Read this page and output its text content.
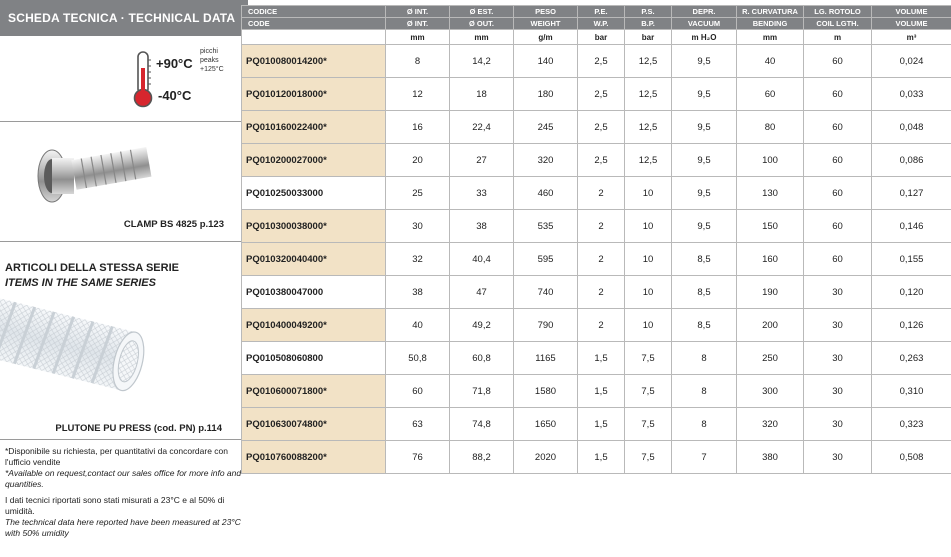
SCHEDA TECNICA · TECHNICAL DATA
+90°C
picchi
peaks
+125°C
-40°C
CLAMP BS 4825 p.123
ARTICOLI DELLA STESSA SERIE
ITEMS IN THE SAME SERIES
PLUTONE PU PRESS (cod. PN) p.114
*Disponibile su richiesta, per quantitativi da concordare con l'ufficio vendite
*Available on request,contact our sales office for more info and quantities.
I dati tecnici riportati sono stati misurati a 23°C e al 50% di umidità.
The technical data here reported have been measured at 23°C with 50% umidity
CODICE	Ø INT.	Ø EST.	PESO	P.E.	P.S.	DEPR.	R. CURVATURA	LG. ROTOLO	VOLUME
CODE	Ø INT.	Ø OUT.	WEIGHT	W.P.	B.P.	VACUUM	BENDING	COIL LGTH.	VOLUME
	mm	mm	g/m	bar	bar	m H₂O	mm	m	m³
PQ010080014200*	8	14,2	140	2,5	12,5	9,5	40	60	0,024
PQ010120018000*	12	18	180	2,5	12,5	9,5	60	60	0,033
PQ010160022400*	16	22,4	245	2,5	12,5	9,5	80	60	0,048
PQ010200027000*	20	27	320	2,5	12,5	9,5	100	60	0,086
PQ010250033000	25	33	460	2	10	9,5	130	60	0,127
PQ010300038000*	30	38	535	2	10	9,5	150	60	0,146
PQ010320040400*	32	40,4	595	2	10	8,5	160	60	0,155
PQ010380047000	38	47	740	2	10	8,5	190	30	0,120
PQ010400049200*	40	49,2	790	2	10	8,5	200	30	0,126
PQ010508060800	50,8	60,8	1165	1,5	7,5	8	250	30	0,263
PQ010600071800*	60	71,8	1580	1,5	7,5	8	300	30	0,310
PQ010630074800*	63	74,8	1650	1,5	7,5	8	320	30	0,323
PQ010760088200*	76	88,2	2020	1,5	7,5	7	380	30	0,508
